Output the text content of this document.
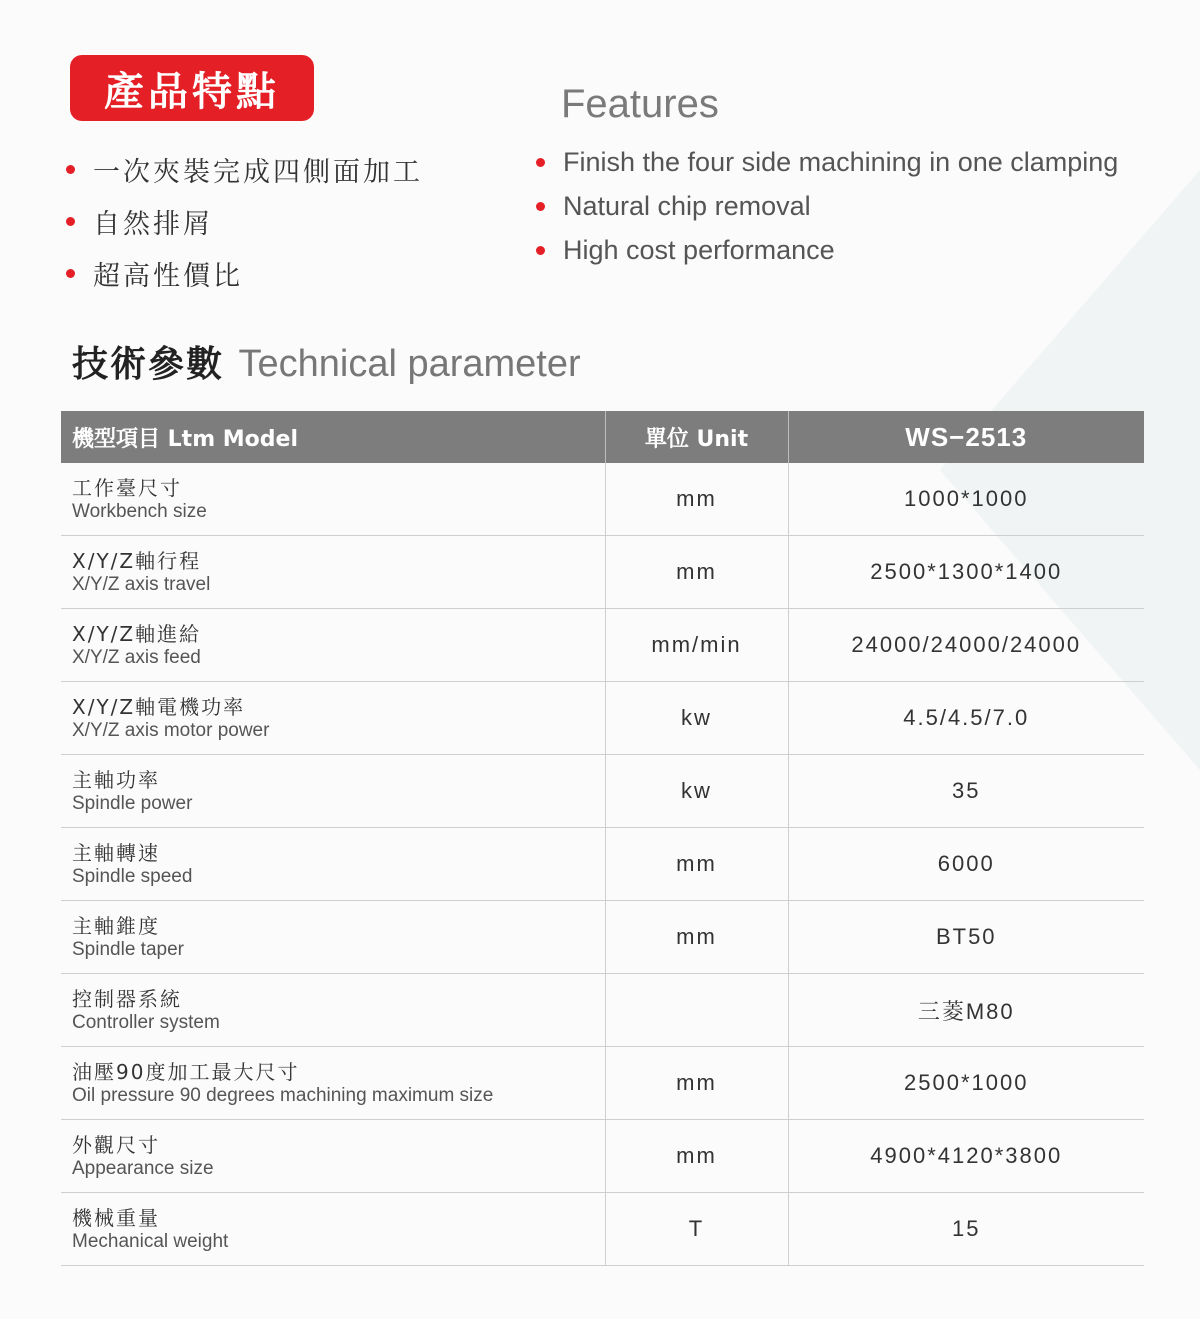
產品特點	Features
一次夾裝完成四側面加工
自然排屑
超高性價比
Finish the four side machining in one clamping
Natural chip removal
High cost performance
技術參數 Technical parameter
機型項目 Ltm Model	單位 Unit	WS−2513

工作臺尺寸
Workbench size	mm	1000*1000

X/Y/Z軸行程
X/Y/Z axis travel	mm	2500*1300*1400

X/Y/Z軸進給
X/Y/Z axis feed	mm/min	24000/24000/24000

X/Y/Z軸電機功率
X/Y/Z axis motor power	kw	4.5/4.5/7.0

主軸功率
Spindle power	kw	35

主軸轉速
Spindle speed	mm	6000

主軸錐度
Spindle taper	mm	BT50

控制器系統
Controller system		三菱M80

油壓90度加工最大尺寸
Oil pressure 90 degrees machining maximum size	mm	2500*1000

外觀尺寸
Appearance size	mm	4900*4120*3800

機械重量
Mechanical weight	T	15
